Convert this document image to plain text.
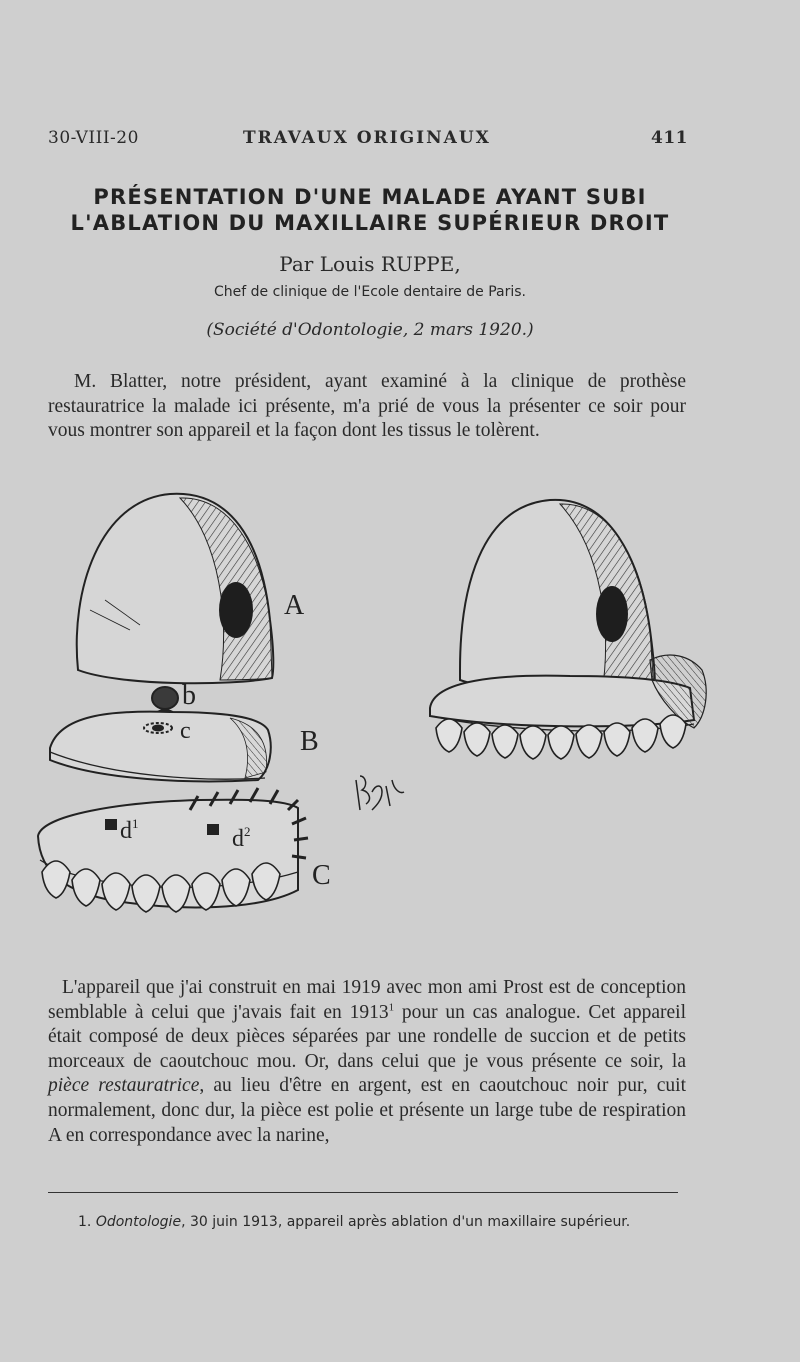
30-VIII-20	TRAVAUX ORIGINAUX	411
PRÉSENTATION D'UNE MALADE AYANT SUBI
L'ABLATION DU MAXILLAIRE SUPÉRIEUR DROIT
Par Louis RUPPE,
Chef de clinique de l'Ecole dentaire de Paris.
(Société d'Odontologie, 2 mars 1920.)
M. Blatter, notre président, ayant examiné à la clinique de prothèse restauratrice la malade ici présente, m'a prié de vous la présenter ce soir pour vous montrer son appareil et la façon dont les tissus le tolèrent.
A
b
c	B
C
$d^1$
$d^2$
L'appareil que j'ai construit en mai 1919 avec mon ami Prost est de conception semblable à celui que j'avais fait en 1913$^1$ pour un cas analogue. Cet appareil était composé de deux pièces séparées par une rondelle de succion et de petits morceaux de caoutchouc mou. Or, dans celui que je vous présente ce soir, la pièce restauratrice, au lieu d'être en argent, est en caoutchouc noir pur, cuit normalement, donc dur, la pièce est polie et présente un large tube de respiration A en correspondance avec la narine,
1. Odontologie, 30 juin 1913, appareil après ablation d'un maxillaire supérieur.
